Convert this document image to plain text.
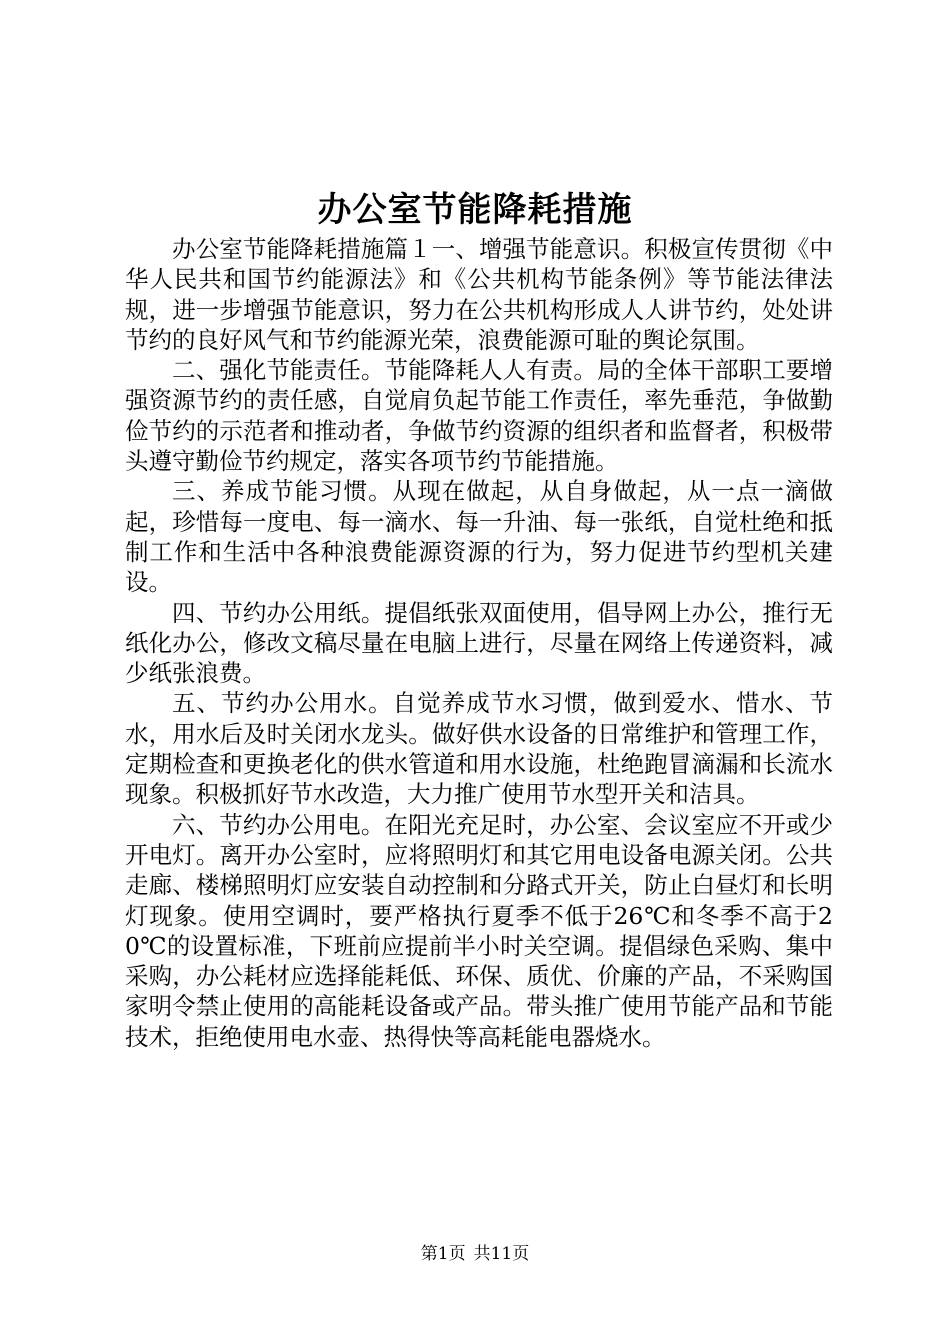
办公室节能降耗措施

办公室节能降耗措施篇１一、增强节能意识。积极宣传贯彻《中华人民共和国节约能源法》和《公共机构节能条例》等节能法律法规，进一步增强节能意识，努力在公共机构形成人人讲节约，处处讲节约的良好风气和节约能源光荣，浪费能源可耻的舆论氛围。

二、强化节能责任。节能降耗人人有责。局的全体干部职工要增强资源节约的责任感，自觉肩负起节能工作责任，率先垂范，争做勤俭节约的示范者和推动者，争做节约资源的组织者和监督者，积极带头遵守勤俭节约规定，落实各项节约节能措施。

三、养成节能习惯。从现在做起，从自身做起，从一点一滴做起，珍惜每一度电、每一滴水、每一升油、每一张纸，自觉杜绝和抵制工作和生活中各种浪费能源资源的行为，努力促进节约型机关建设。

四、节约办公用纸。提倡纸张双面使用，倡导网上办公，推行无纸化办公，修改文稿尽量在电脑上进行，尽量在网络上传递资料，减少纸张浪费。

五、节约办公用水。自觉养成节水习惯，做到爱水、惜水、节水，用水后及时关闭水龙头。做好供水设备的日常维护和管理工作，定期检查和更换老化的供水管道和用水设施，杜绝跑冒滴漏和长流水现象。积极抓好节水改造，大力推广使用节水型开关和洁具。

六、节约办公用电。在阳光充足时，办公室、会议室应不开或少开电灯。离开办公室时，应将照明灯和其它用电设备电源关闭。公共走廊、楼梯照明灯应安装自动控制和分路式开关，防止白昼灯和长明灯现象。使用空调时，要严格执行夏季不低于26℃和冬季不高于20℃的设置标准，下班前应提前半小时关空调。提倡绿色采购、集中采购，办公耗材应选择能耗低、环保、质优、价廉的产品，不采购国家明令禁止使用的高能耗设备或产品。带头推广使用节能产品和节能技术，拒绝使用电水壶、热得快等高耗能电器烧水。

第1页 共11页
